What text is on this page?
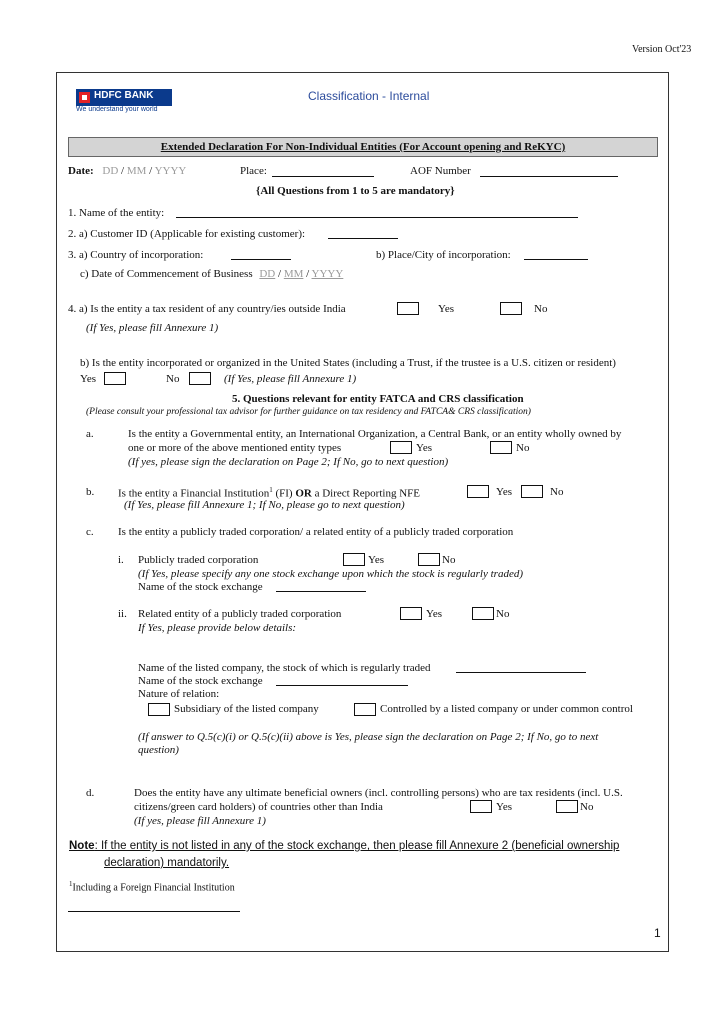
Version Oct'23
HDFC BANK
We understand your world
Classification - Internal
Extended Declaration For Non-Individual Entities (For Account opening and ReKYC)
Date: DD / MM / YYYY	Place:	AOF Number
{All Questions from 1 to 5 are mandatory}
1. Name of the entity:
2. a) Customer ID (Applicable for existing customer):
3. a) Country of incorporation:	b) Place/City of incorporation:
c) Date of Commencement of Business DD / MM / YYYY
4. a) Is the entity a tax resident of any country/ies outside India	Yes	No
(If Yes, please fill Annexure 1)
b) Is the entity incorporated or organized in the United States (including a Trust, if the trustee is a U.S. citizen or resident)
Yes	No	(If Yes, please fill Annexure 1)
5. Questions relevant for entity FATCA and CRS classification
(Please consult your professional tax advisor for further guidance on tax residency and FATCA& CRS classification)
a.	Is the entity a Governmental entity, an International Organization, a Central Bank, or an entity wholly owned by
one or more of the above mentioned entity types	Yes	No
(If yes, please sign the declaration on Page 2; If No, go to next question)
b. Is the entity a Financial Institution$^1$ (FI) OR a Direct Reporting NFE	Yes	No
(If Yes, please fill Annexure 1; If No, please go to next question)
c. Is the entity a publicly traded corporation/ a related entity of a publicly traded corporation
i. Publicly traded corporation	Yes	No
(If Yes, please specify any one stock exchange upon which the stock is regularly traded)
Name of the stock exchange
ii. Related entity of a publicly traded corporation	Yes	No
If Yes, please provide below details:
Name of the listed company, the stock of which is regularly traded
Name of the stock exchange
Nature of relation:
Subsidiary of the listed company	Controlled by a listed company or under common control
(If answer to Q.5(c)(i) or Q.5(c)(ii) above is Yes, please sign the declaration on Page 2; If No, go to next
question)
d.	Does the entity have any ultimate beneficial owners (incl. controlling persons) who are tax residents (incl. U.S.
citizens/green card holders) of countries other than India	Yes	No
(If yes, please fill Annexure 1)
Note: If the entity is not listed in any of the stock exchange, then please fill Annexure 2 (beneficial ownership
declaration) mandatorily.
$^1$Including a Foreign Financial Institution
1
